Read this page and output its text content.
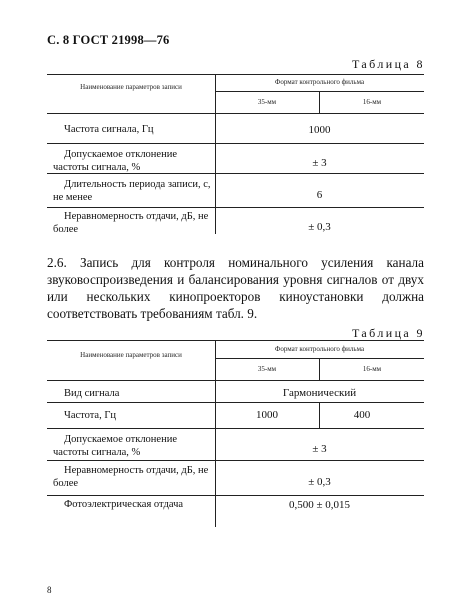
С. 8 ГОСТ 21998—76
Таблица 8
Наименование параметров записи
Формат контрольного фильма
35-мм	16-мм
Частота сигнала, Гц	1000
Допускаемое отклонение частоты сигнала, %	± 3
Длительность периода записи, с, не менее	6
Неравномерность отдачи, дБ, не более	± 0,3
2.6. Запись для контроля номинального усиления канала звуковоспроизведения и балансирования уровня сигналов от двух или нескольких кинопроекторов киноустановки должна соответствовать требованиям табл. 9.
Таблица 9
Наименование параметров записи
Формат контрольного фильма
35-мм	16-мм
Вид сигнала	Гармонический
Частота, Гц	1000	400
Допускаемое отклонение частоты сигнала, %	± 3
Неравномерность отдачи, дБ, не более	± 0,3
Фотоэлектрическая отдача	0,500 ± 0,015
8
